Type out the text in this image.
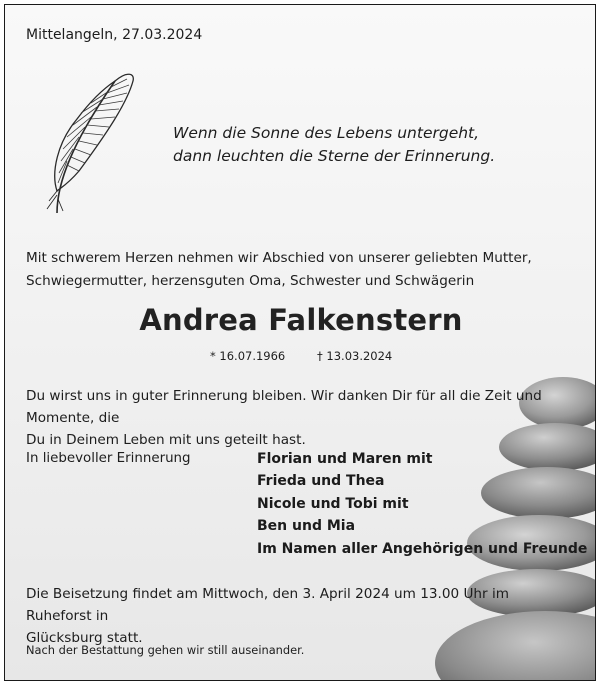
Mittelangeln, 27.03.2024
Wenn die Sonne des Lebens untergeht,
dann leuchten die Sterne der Erinnerung.
Mit schwerem Herzen nehmen wir Abschied von unserer geliebten Mutter,
Schwiegermutter, herzensguten Oma, Schwester und Schwägerin
Andrea Falkenstern
* 16.07.1966	† 13.03.2024
Du wirst uns in guter Erinnerung bleiben. Wir danken Dir für all die Zeit und Momente, die
Du in Deinem Leben mit uns geteilt hast.
In liebevoller Erinnerung	Florian und Maren mit
Frieda und Thea
Nicole und Tobi mit
Ben und Mia
Im Namen aller Angehörigen und Freunde
Die Beisetzung findet am Mittwoch, den 3. April 2024 um 13.00 Uhr im Ruheforst in
Glücksburg statt.
Nach der Bestattung gehen wir still auseinander.
